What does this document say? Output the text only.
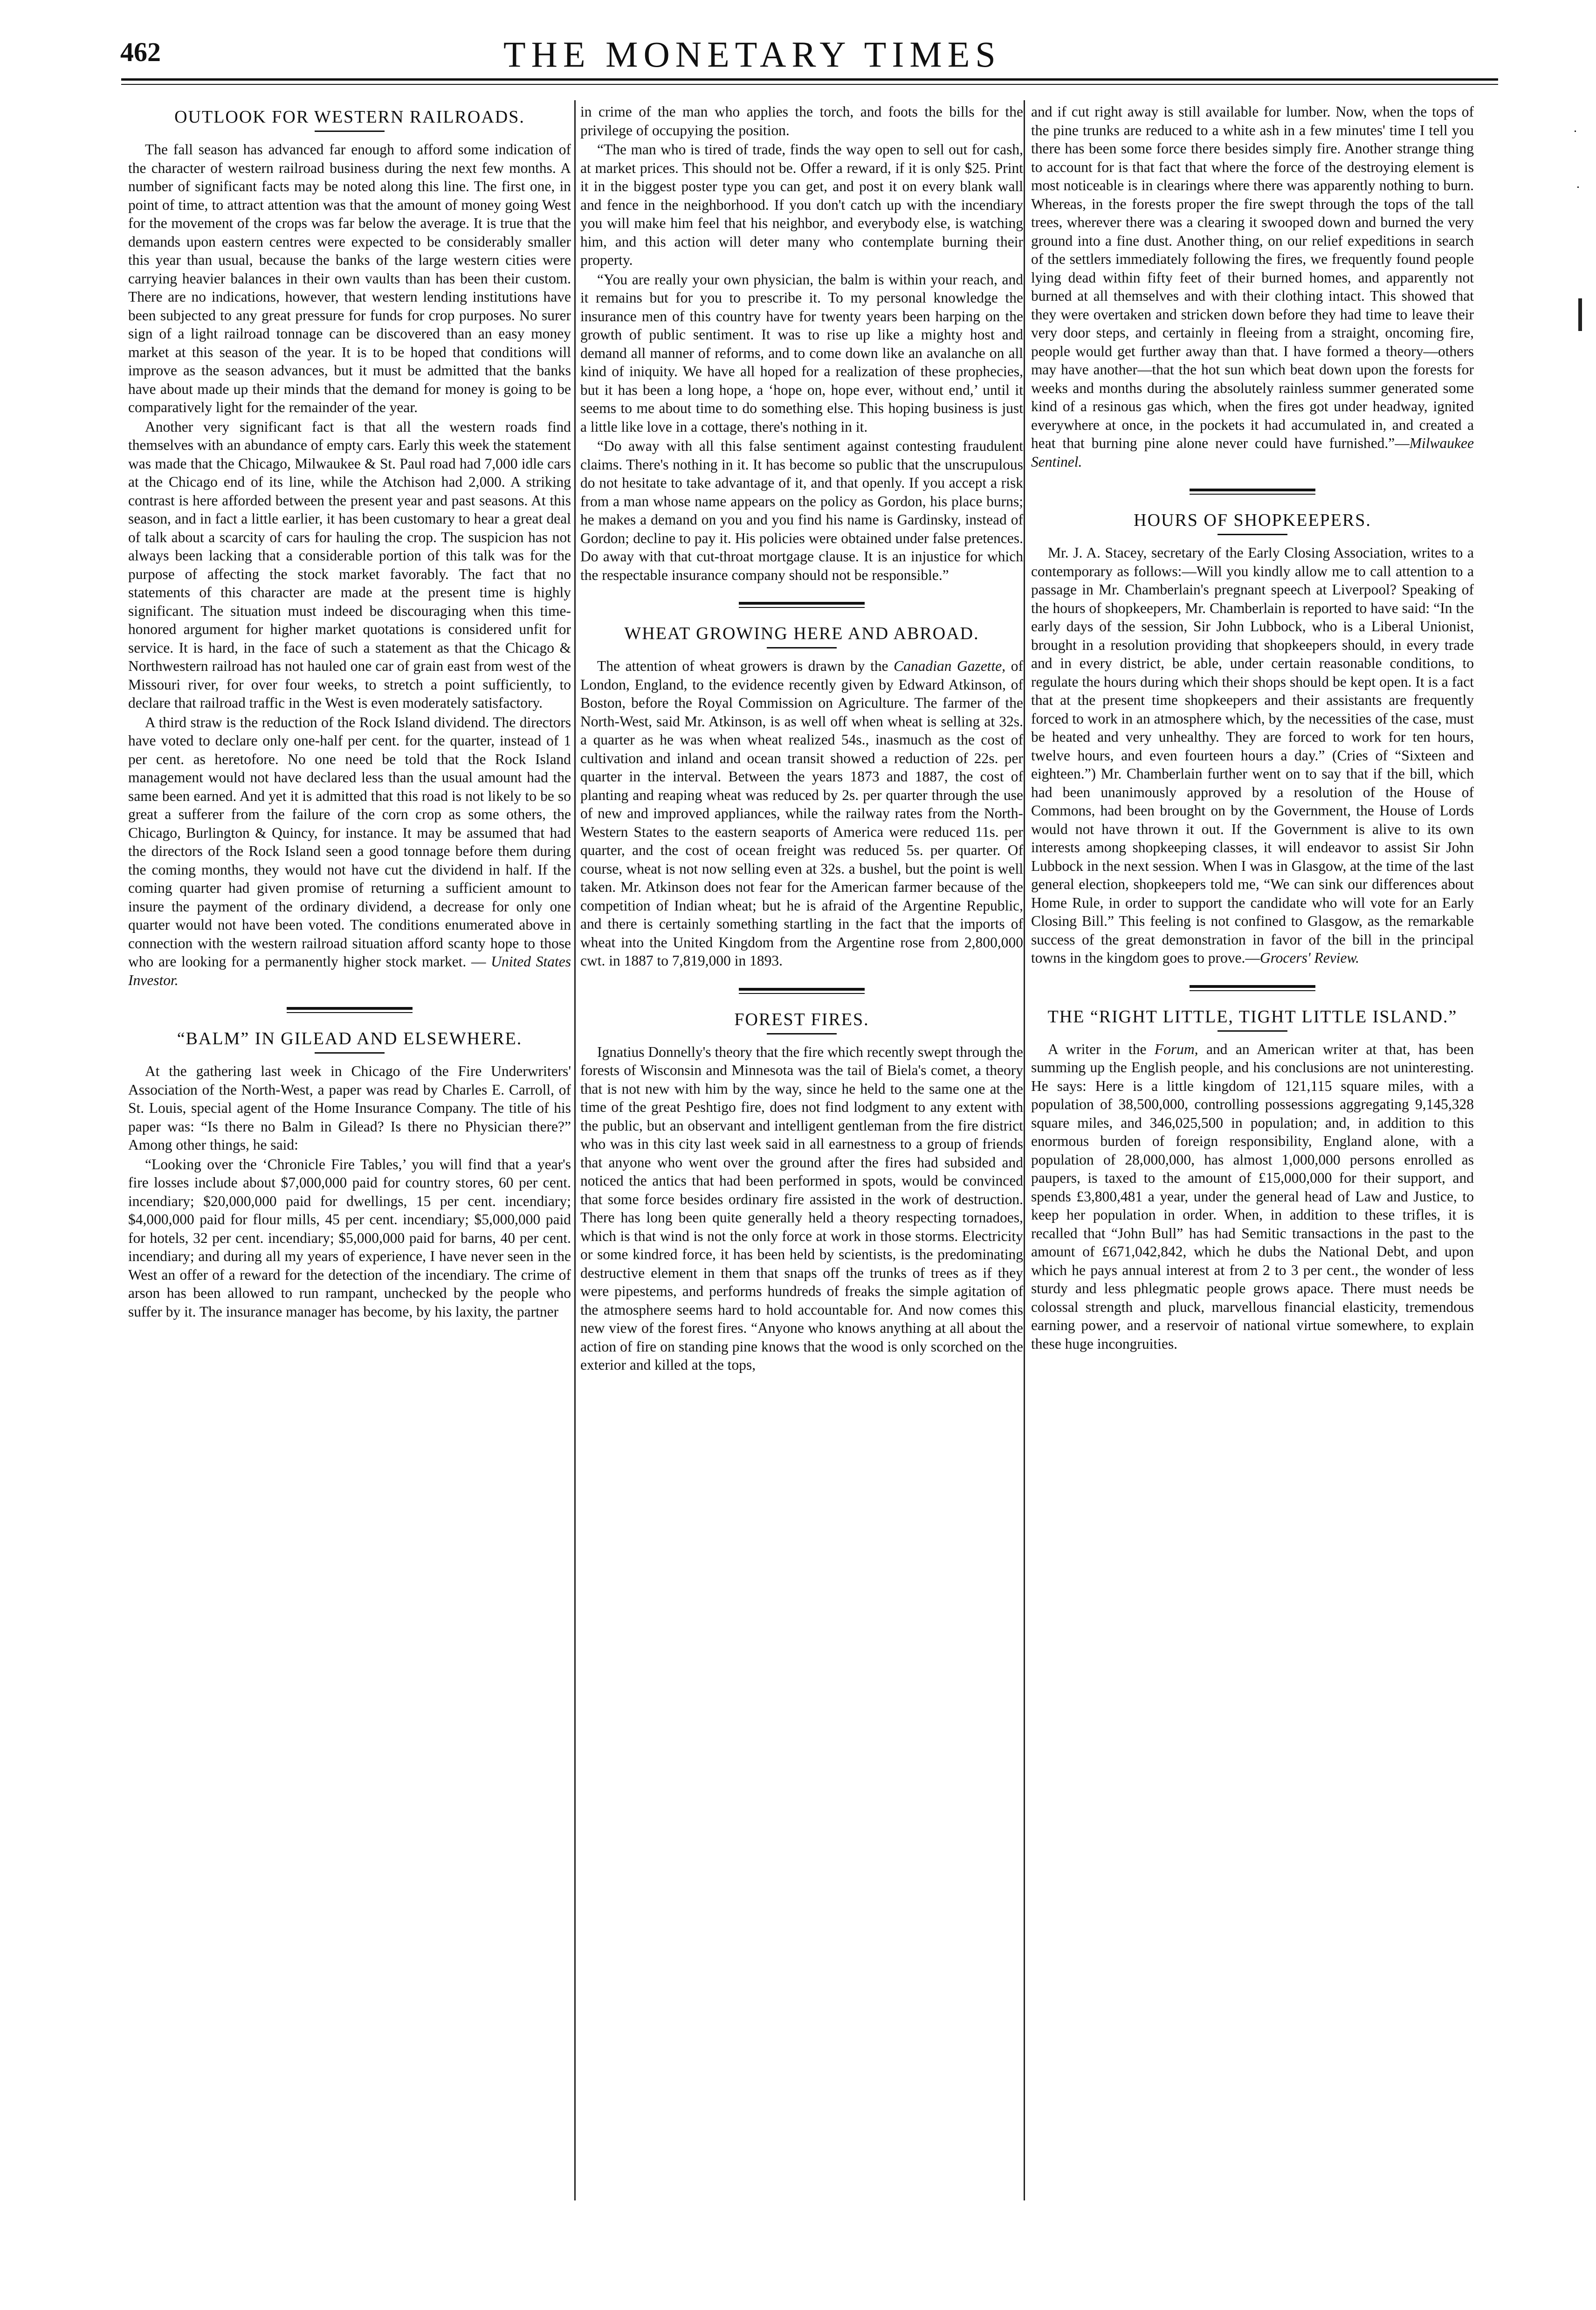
462	THE MONETARY TIMES
OUTLOOK FOR WESTERN RAILROADS.

The fall season has advanced far enough to afford some indication of the character of western railroad business during the next few months. A number of significant facts may be noted along this line. The first one, in point of time, to attract attention was that the amount of money going West for the movement of the crops was far below the average. It is true that the demands upon eastern centres were expected to be considerably smaller this year than usual, because the banks of the large western cities were carrying heavier balances in their own vaults than has been their custom. There are no indications, however, that western lending institutions have been subjected to any great pressure for funds for crop purposes. No surer sign of a light railroad tonnage can be discovered than an easy money market at this season of the year. It is to be hoped that conditions will improve as the season advances, but it must be admitted that the banks have about made up their minds that the demand for money is going to be comparatively light for the remainder of the year.

Another very significant fact is that all the western roads find themselves with an abundance of empty cars. Early this week the statement was made that the Chicago, Milwaukee & St. Paul road had 7,000 idle cars at the Chicago end of its line, while the Atchison had 2,000. A striking contrast is here afforded between the present year and past seasons. At this season, and in fact a little earlier, it has been customary to hear a great deal of talk about a scarcity of cars for hauling the crop. The suspicion has not always been lacking that a considerable portion of this talk was for the purpose of affecting the stock market favorably. The fact that no statements of this character are made at the present time is highly significant. The situation must indeed be discouraging when this time-honored argument for higher market quotations is considered unfit for service. It is hard, in the face of such a statement as that the Chicago & Northwestern railroad has not hauled one car of grain east from west of the Missouri river, for over four weeks, to stretch a point sufficiently, to declare that railroad traffic in the West is even moderately satisfactory.

A third straw is the reduction of the Rock Island dividend. The directors have voted to declare only one-half per cent. for the quarter, instead of 1 per cent. as heretofore. No one need be told that the Rock Island management would not have declared less than the usual amount had the same been earned. And yet it is admitted that this road is not likely to be so great a sufferer from the failure of the corn crop as some others, the Chicago, Burlington & Quincy, for instance. It may be assumed that had the directors of the Rock Island seen a good tonnage before them during the coming months, they would not have cut the dividend in half. If the coming quarter had given promise of returning a sufficient amount to insure the payment of the ordinary dividend, a decrease for only one quarter would not have been voted. The conditions enumerated above in connection with the western railroad situation afford scanty hope to those who are looking for a permanently higher stock market. — United States Investor.

“BALM” IN GILEAD AND ELSEWHERE.

At the gathering last week in Chicago of the Fire Underwriters' Association of the North-West, a paper was read by Charles E. Carroll, of St. Louis, special agent of the Home Insurance Company. The title of his paper was: “Is there no Balm in Gilead? Is there no Physician there?” Among other things, he said:

“Looking over the ‘Chronicle Fire Tables,’ you will find that a year's fire losses include about $7,000,000 paid for country stores, 60 per cent. incendiary; $20,000,000 paid for dwellings, 15 per cent. incendiary; $4,000,000 paid for flour mills, 45 per cent. incendiary; $5,000,000 paid for hotels, 32 per cent. incendiary; $5,000,000 paid for barns, 40 per cent. incendiary; and during all my years of experience, I have never seen in the West an offer of a reward for the detection of the incendiary. The crime of arson has been allowed to run rampant, unchecked by the people who suffer by it. The insurance manager has become, by his laxity, the partner

in crime of the man who applies the torch, and foots the bills for the privilege of occupying the position.

“The man who is tired of trade, finds the way open to sell out for cash, at market prices. This should not be. Offer a reward, if it is only $25. Print it in the biggest poster type you can get, and post it on every blank wall and fence in the neighborhood. If you don't catch up with the incendiary you will make him feel that his neighbor, and everybody else, is watching him, and this action will deter many who contemplate burning their property.

“You are really your own physician, the balm is within your reach, and it remains but for you to prescribe it. To my personal knowledge the insurance men of this country have for twenty years been harping on the growth of public sentiment. It was to rise up like a mighty host and demand all manner of reforms, and to come down like an avalanche on all kind of iniquity. We have all hoped for a realization of these prophecies, but it has been a long hope, a ‘hope on, hope ever, without end,’ until it seems to me about time to do something else. This hoping business is just a little like love in a cottage, there's nothing in it.

“Do away with all this false sentiment against contesting fraudulent claims. There's nothing in it. It has become so public that the unscrupulous do not hesitate to take advantage of it, and that openly. If you accept a risk from a man whose name appears on the policy as Gordon, his place burns; he makes a demand on you and you find his name is Gardinsky, instead of Gordon; decline to pay it. His policies were obtained under false pretences. Do away with that cut-throat mortgage clause. It is an injustice for which the respectable insurance company should not be responsible.”

WHEAT GROWING HERE AND ABROAD.

The attention of wheat growers is drawn by the Canadian Gazette, of London, England, to the evidence recently given by Edward Atkinson, of Boston, before the Royal Commission on Agriculture. The farmer of the North-West, said Mr. Atkinson, is as well off when wheat is selling at 32s. a quarter as he was when wheat realized 54s., inasmuch as the cost of cultivation and inland and ocean transit showed a reduction of 22s. per quarter in the interval. Between the years 1873 and 1887, the cost of planting and reaping wheat was reduced by 2s. per quarter through the use of new and improved appliances, while the railway rates from the North-Western States to the eastern seaports of America were reduced 11s. per quarter, and the cost of ocean freight was reduced 5s. per quarter. Of course, wheat is not now selling even at 32s. a bushel, but the point is well taken. Mr. Atkinson does not fear for the American farmer because of the competition of Indian wheat; but he is afraid of the Argentine Republic, and there is certainly something startling in the fact that the imports of wheat into the United Kingdom from the Argentine rose from 2,800,000 cwt. in 1887 to 7,819,000 in 1893.

FOREST FIRES.

Ignatius Donnelly's theory that the fire which recently swept through the forests of Wisconsin and Minnesota was the tail of Biela's comet, a theory that is not new with him by the way, since he held to the same one at the time of the great Peshtigo fire, does not find lodgment to any extent with the public, but an observant and intelligent gentleman from the fire district who was in this city last week said in all earnestness to a group of friends that anyone who went over the ground after the fires had subsided and noticed the antics that had been performed in spots, would be convinced that some force besides ordinary fire assisted in the work of destruction. There has long been quite generally held a theory respecting tornadoes, which is that wind is not the only force at work in those storms. Electricity or some kindred force, it has been held by scientists, is the predominating destructive element in them that snaps off the trunks of trees as if they were pipestems, and performs hundreds of freaks the simple agitation of the atmosphere seems hard to hold accountable for. And now comes this new view of the forest fires. “Anyone who knows anything at all about the action of fire on standing pine knows that the wood is only scorched on the exterior and killed at the tops,

and if cut right away is still available for lumber. Now, when the tops of the pine trunks are reduced to a white ash in a few minutes' time I tell you there has been some force there besides simply fire. Another strange thing to account for is that fact that where the force of the destroying element is most noticeable is in clearings where there was apparently nothing to burn. Whereas, in the forests proper the fire swept through the tops of the tall trees, wherever there was a clearing it swooped down and burned the very ground into a fine dust. Another thing, on our relief expeditions in search of the settlers immediately following the fires, we frequently found people lying dead within fifty feet of their burned homes, and apparently not burned at all themselves and with their clothing intact. This showed that they were overtaken and stricken down before they had time to leave their very door steps, and certainly in fleeing from a straight, oncoming fire, people would get further away than that. I have formed a theory—others may have another—that the hot sun which beat down upon the forests for weeks and months during the absolutely rainless summer generated some kind of a resinous gas which, when the fires got under headway, ignited everywhere at once, in the pockets it had accumulated in, and created a heat that burning pine alone never could have furnished.”—Milwaukee Sentinel.

HOURS OF SHOPKEEPERS.

Mr. J. A. Stacey, secretary of the Early Closing Association, writes to a contemporary as follows:—Will you kindly allow me to call attention to a passage in Mr. Chamberlain's pregnant speech at Liverpool? Speaking of the hours of shopkeepers, Mr. Chamberlain is reported to have said: “In the early days of the session, Sir John Lubbock, who is a Liberal Unionist, brought in a resolution providing that shopkeepers should, in every trade and in every district, be able, under certain reasonable conditions, to regulate the hours during which their shops should be kept open. It is a fact that at the present time shopkeepers and their assistants are frequently forced to work in an atmosphere which, by the necessities of the case, must be heated and very unhealthy. They are forced to work for ten hours, twelve hours, and even fourteen hours a day.” (Cries of “Sixteen and eighteen.”) Mr. Chamberlain further went on to say that if the bill, which had been unanimously approved by a resolution of the House of Commons, had been brought on by the Government, the House of Lords would not have thrown it out. If the Government is alive to its own interests among shopkeeping classes, it will endeavor to assist Sir John Lubbock in the next session. When I was in Glasgow, at the time of the last general election, shopkeepers told me, “We can sink our differences about Home Rule, in order to support the candidate who will vote for an Early Closing Bill.” This feeling is not confined to Glasgow, as the remarkable success of the great demonstration in favor of the bill in the principal towns in the kingdom goes to prove.—Grocers' Review.

THE “RIGHT LITTLE, TIGHT LITTLE ISLAND.”

A writer in the Forum, and an American writer at that, has been summing up the English people, and his conclusions are not uninteresting. He says: Here is a little kingdom of 121,115 square miles, with a population of 38,500,000, controlling possessions aggregating 9,145,328 square miles, and 346,025,500 in population; and, in addition to this enormous burden of foreign responsibility, England alone, with a population of 28,000,000, has almost 1,000,000 persons enrolled as paupers, is taxed to the amount of £15,000,000 for their support, and spends £3,800,481 a year, under the general head of Law and Justice, to keep her population in order. When, in addition to these trifles, it is recalled that “John Bull” has had Semitic transactions in the past to the amount of £671,042,842, which he dubs the National Debt, and upon which he pays annual interest at from 2 to 3 per cent., the wonder of less sturdy and less phlegmatic people grows apace. There must needs be colossal strength and pluck, marvellous financial elasticity, tremendous earning power, and a reservoir of national virtue somewhere, to explain these huge incongruities.
